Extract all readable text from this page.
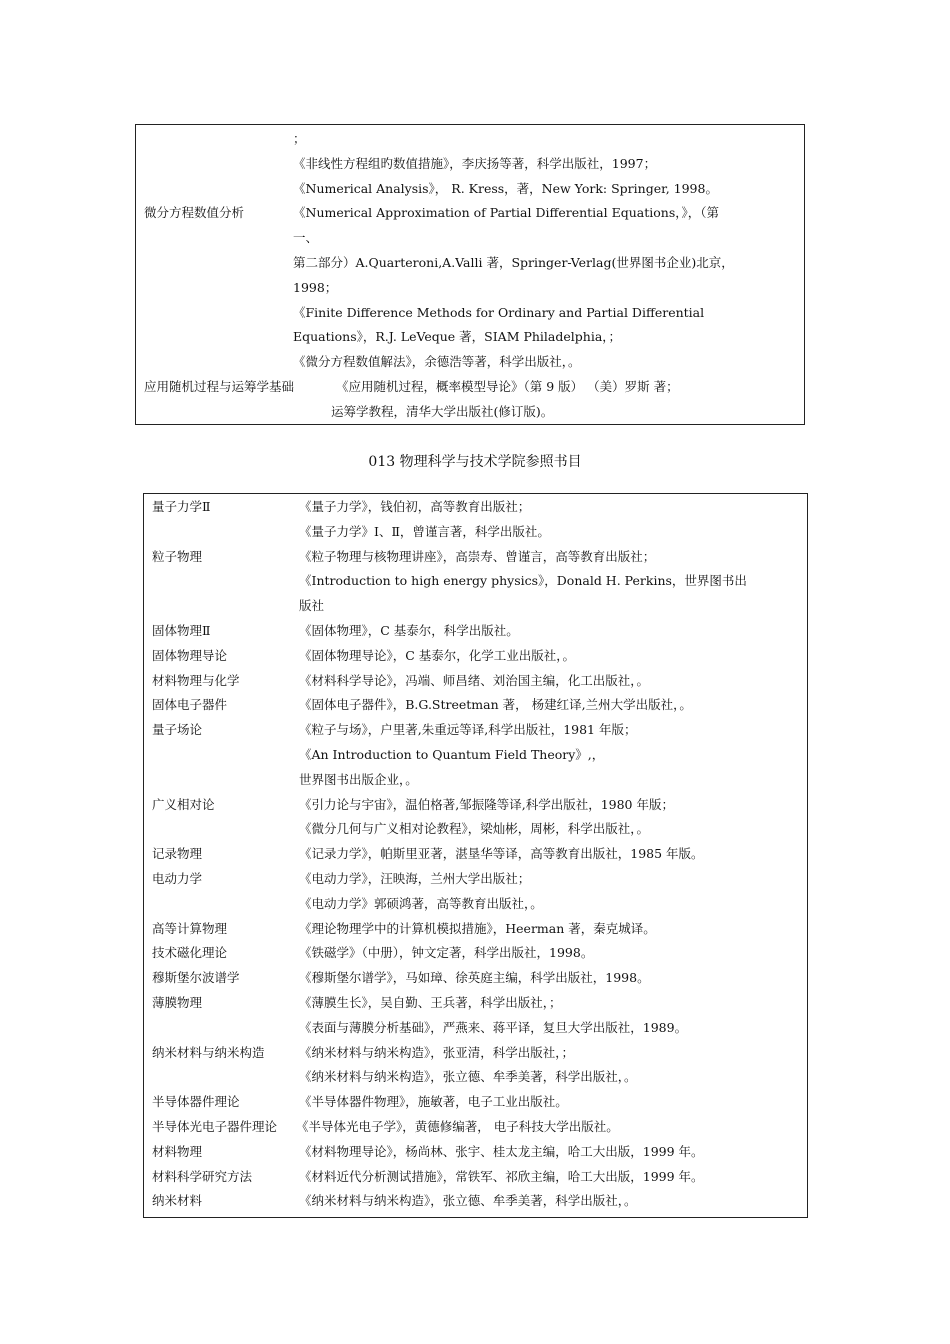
；
《非线性方程组旳数值措施》，李庆扬等著，科学出版社，1997；
《Numerical Analysis》， R. Kress，著，New York: Springer, 1998。
微分方程数值分析	《Numerical Approximation of Partial Differential Equations，》，（第
一、
第二部分）A.Quarteroni,A.Valli 著，Springer-Verlag(世界图书企业)北京，
1998；
《Finite Difference Methods for Ordinary and Partial Differential
Equations》，R.J. LeVeque 著，SIAM Philadelphia，；
《微分方程数值解法》，余德浩等著，科学出版社，。
应用随机过程与运筹学基础	《应用随机过程，概率模型导论》（第 9 版） （美）罗斯 著；
运筹学教程，清华大学出版社(修订版)。
013 物理科学与技术学院参照书目
量子力学Ⅱ	《量子力学》，钱伯初，高等教育出版社；
《量子力学》Ⅰ、Ⅱ，曾谨言著，科学出版社。
粒子物理	《粒子物理与核物理讲座》，高崇寿、曾谨言，高等教育出版社；
《Introduction to high energy physics》，Donald H. Perkins，世界图书出
版社
固体物理Ⅱ	《固体物理》，C 基泰尔，科学出版社。
固体物理导论	《固体物理导论》，C 基泰尔，化学工业出版社，。
材料物理与化学	《材料科学导论》，冯端、师昌绪、刘治国主编，化工出版社，。
固体电子器件	《固体电子器件》，B.G.Streetman 著， 杨建红译,兰州大学出版社，。
量子场论	《粒子与场》，户里著,朱重远等译,科学出版社，1981 年版；
《An Introduction to Quantum Field Theory》,，
世界图书出版企业，。
广义相对论	《引力论与宇宙》，温伯格著,邹振隆等译,科学出版社，1980 年版；
《微分几何与广义相对论教程》，梁灿彬，周彬，科学出版社，。
记录物理	《记录力学》，帕斯里亚著，湛垦华等译，高等教育出版社，1985 年版。
电动力学	《电动力学》，汪映海，兰州大学出版社；
《电动力学》郭硕鸿著，高等教育出版社，。
高等计算物理	《理论物理学中的计算机模拟措施》，Heerman 著，秦克城译。
技术磁化理论	《铁磁学》（中册），钟文定著，科学出版社，1998。
穆斯堡尔波谱学	《穆斯堡尔谱学》，马如璋、徐英庭主编，科学出版社，1998。
薄膜物理	《薄膜生长》，吴自勤、王兵著，科学出版社，；
《表面与薄膜分析基础》，严燕来、蒋平译，复旦大学出版社，1989。
纳米材料与纳米构造	《纳米材料与纳米构造》，张亚清，科学出版社，；
《纳米材料与纳米构造》，张立德、牟季美著，科学出版社，。
半导体器件理论	《半导体器件物理》，施敏著，电子工业出版社。
半导体光电子器件理论 《半导体光电子学》，黄德修编著， 电子科技大学出版社。
材料物理	《材料物理导论》，杨尚林、张宇、桂太龙主编，哈工大出版，1999 年。
材料科学研究方法	《材料近代分析测试措施》，常铁军、祁欣主编，哈工大出版，1999 年。
纳米材料	《纳米材料与纳米构造》，张立德、牟季美著，科学出版社，。
